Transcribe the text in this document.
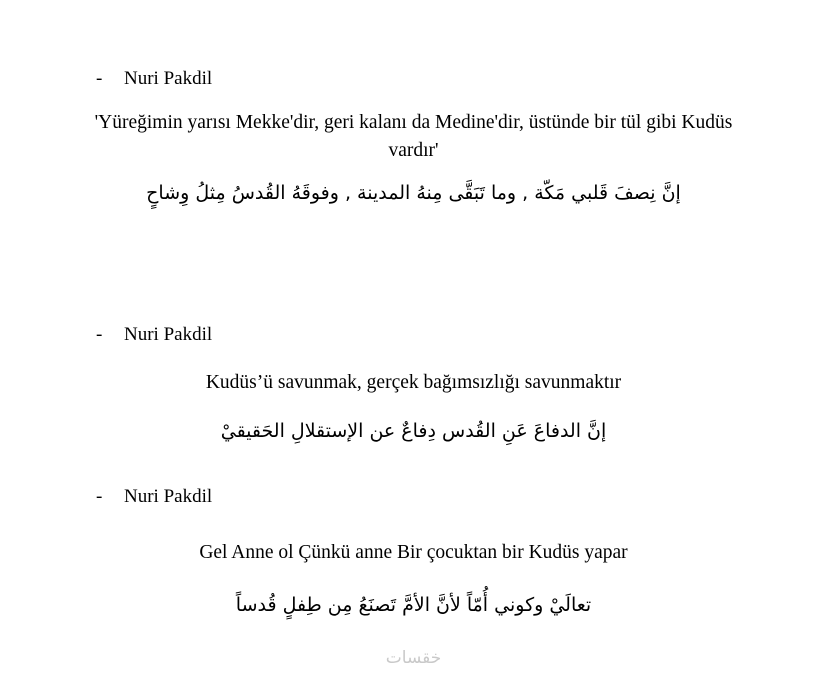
-	Nuri Pakdil
'Yüreğimin yarısı Mekke'dir, geri kalanı da Medine'dir, üstünde bir tül gibi Kudüs vardır'
إنَّ نِصفَ قَلبي مَكّة , وما تَبَقَّى مِنهُ المدينة , وفوقَهُ القُدسُ مِثلُ وِشاحٍ
-	Nuri Pakdil
Kudüs’ü savunmak, gerçek bağımsızlığı savunmaktır
إنَّ الدفاعَ عَنِ القُدس دِفاعٌ عن الإستقلالِ الحَقيقيْ
-	Nuri Pakdil
Gel Anne ol Çünkü anne Bir çocuktan bir Kudüs yapar
تعالَيْ وكوني أُمّاً لأنَّ الأمَّ تَصنَعُ مِن طِفلٍ قُدساً
خقسات
